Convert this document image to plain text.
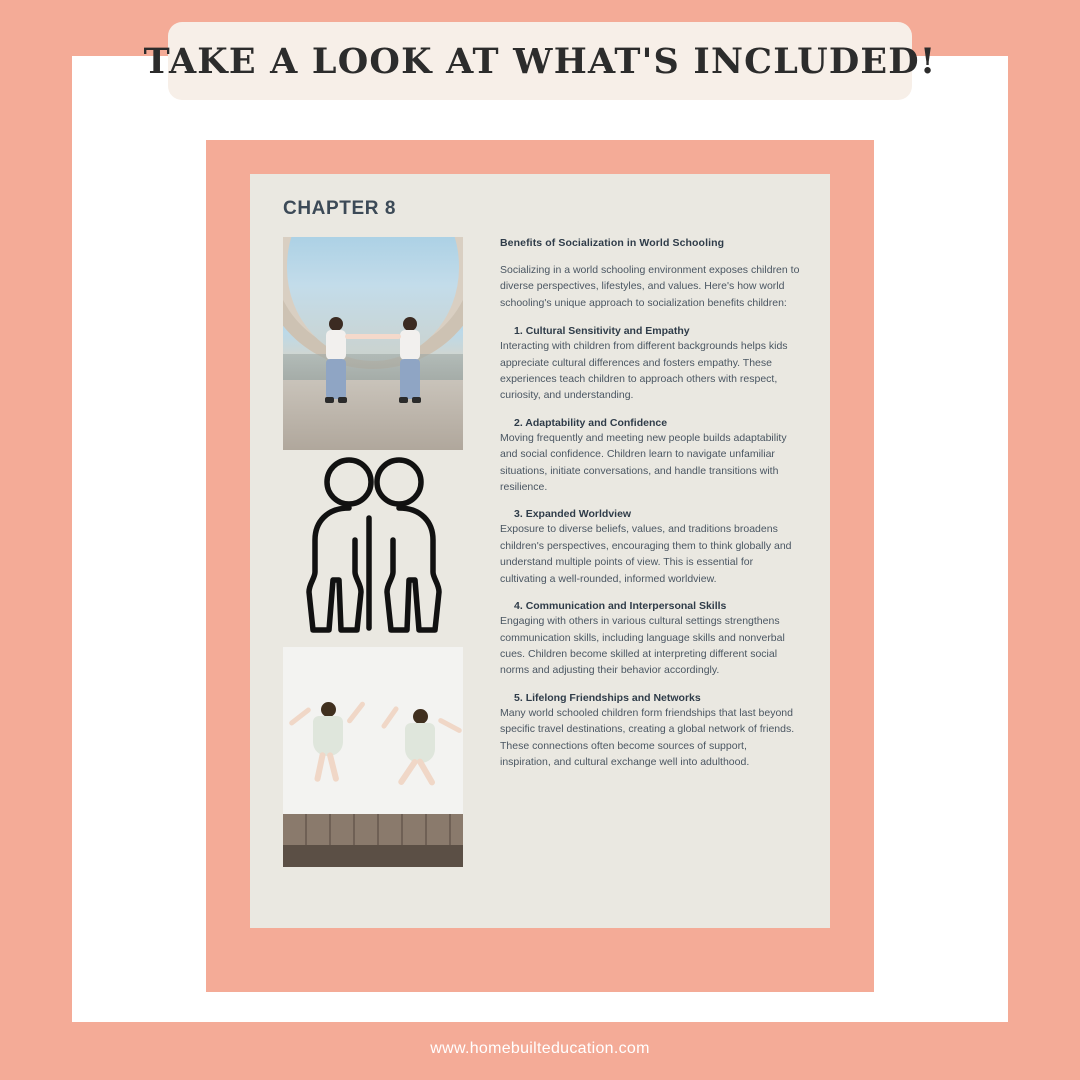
TAKE A LOOK AT WHAT'S INCLUDED!
CHAPTER 8

Benefits of Socialization in World Schooling

Socializing in a world schooling environment exposes children to diverse perspectives, lifestyles, and values. Here's how world schooling's unique approach to socialization benefits children:

1. Cultural Sensitivity and Empathy

Interacting with children from different backgrounds helps kids appreciate cultural differences and fosters empathy. These experiences teach children to approach others with respect, curiosity, and understanding.

2. Adaptability and Confidence

Moving frequently and meeting new people builds adaptability and social confidence. Children learn to navigate unfamiliar situations, initiate conversations, and handle transitions with resilience.

3. Expanded Worldview

Exposure to diverse beliefs, values, and traditions broadens children's perspectives, encouraging them to think globally and understand multiple points of view. This is essential for cultivating a well-rounded, informed worldview.

4. Communication and Interpersonal Skills

Engaging with others in various cultural settings strengthens communication skills, including language skills and nonverbal cues. Children become skilled at interpreting different social norms and adjusting their behavior accordingly.

5. Lifelong Friendships and Networks

Many world schooled children form friendships that last beyond specific travel destinations, creating a global network of friends. These connections often become sources of support, inspiration, and cultural exchange well into adulthood.

www.homebuilteducation.com
